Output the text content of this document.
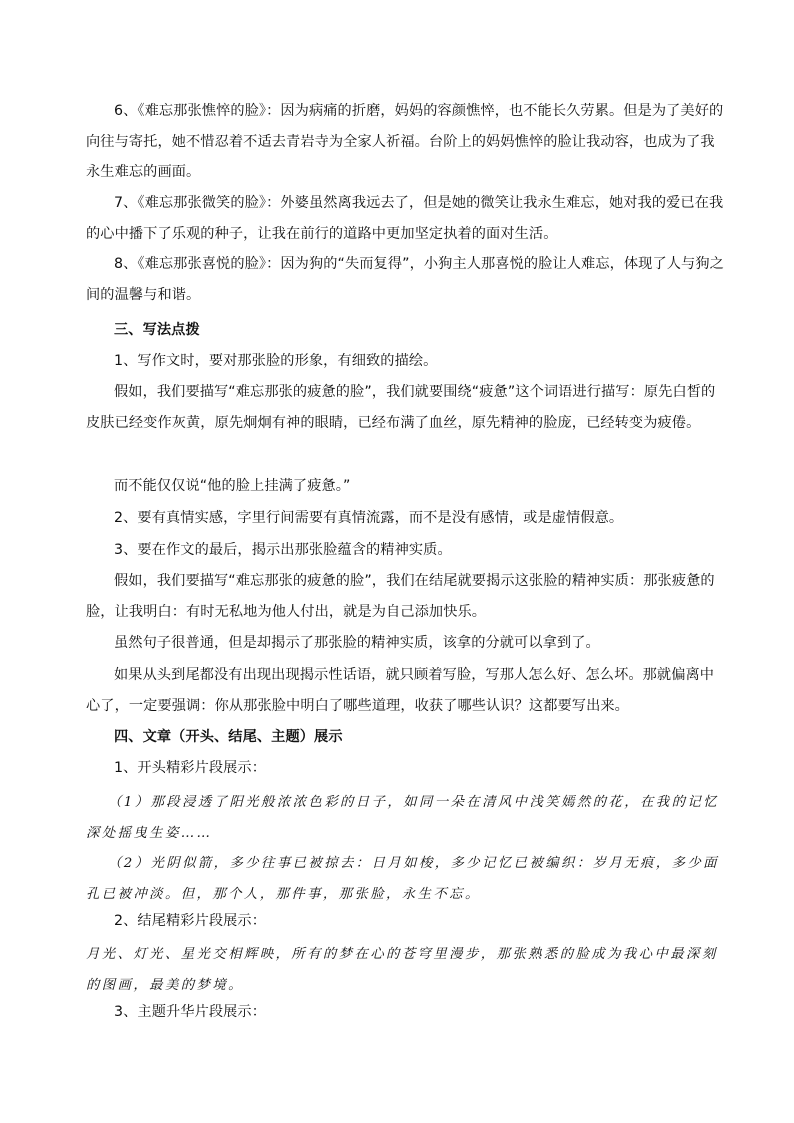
6、《难忘那张憔悴的脸》：因为病痛的折磨，妈妈的容颜憔悴，也不能长久劳累。但是为了美好的向往与寄托，她不惜忍着不适去青岩寺为全家人祈福。台阶上的妈妈憔悴的脸让我动容，也成为了我永生难忘的画面。

7、《难忘那张微笑的脸》：外婆虽然离我远去了，但是她的微笑让我永生难忘，她对我的爱已在我的心中播下了乐观的种子，让我在前行的道路中更加坚定执着的面对生活。

8、《难忘那张喜悦的脸》：因为狗的“失而复得”，小狗主人那喜悦的脸让人难忘，体现了人与狗之间的温馨与和谐。

三、写法点拨

1、写作文时，要对那张脸的形象，有细致的描绘。

假如，我们要描写“难忘那张的疲惫的脸”，我们就要围绕“疲惫”这个词语进行描写：原先白皙的皮肤已经变作灰黄，原先炯炯有神的眼睛，已经布满了血丝，原先精神的脸庞，已经转变为疲倦。

而不能仅仅说“他的脸上挂满了疲惫。”

2、要有真情实感，字里行间需要有真情流露，而不是没有感情，或是虚情假意。

3、要在作文的最后，揭示出那张脸蕴含的精神实质。

假如，我们要描写“难忘那张的疲惫的脸”，我们在结尾就要揭示这张脸的精神实质：那张疲惫的脸，让我明白：有时无私地为他人付出，就是为自己添加快乐。

虽然句子很普通，但是却揭示了那张脸的精神实质，该拿的分就可以拿到了。

如果从头到尾都没有出现出现揭示性话语，就只顾着写脸，写那人怎么好、怎么坏。那就偏离中心了，一定要强调：你从那张脸中明白了哪些道理，收获了哪些认识？这都要写出来。

四、文章（开头、结尾、主题）展示

1、开头精彩片段展示：

（1）那段浸透了阳光般浓浓色彩的日子，如同一朵在清风中浅笑嫣然的花，在我的记忆深处摇曳生姿……

（2）光阴似箭，多少往事已被掠去：日月如梭，多少记忆已被编织：岁月无痕，多少面孔已被冲淡。但，那个人，那件事，那张脸，永生不忘。

2、结尾精彩片段展示：

月光、灯光、星光交相辉映，所有的梦在心的苍穹里漫步，那张熟悉的脸成为我心中最深刻的图画，最美的梦境。

3、主题升华片段展示：
